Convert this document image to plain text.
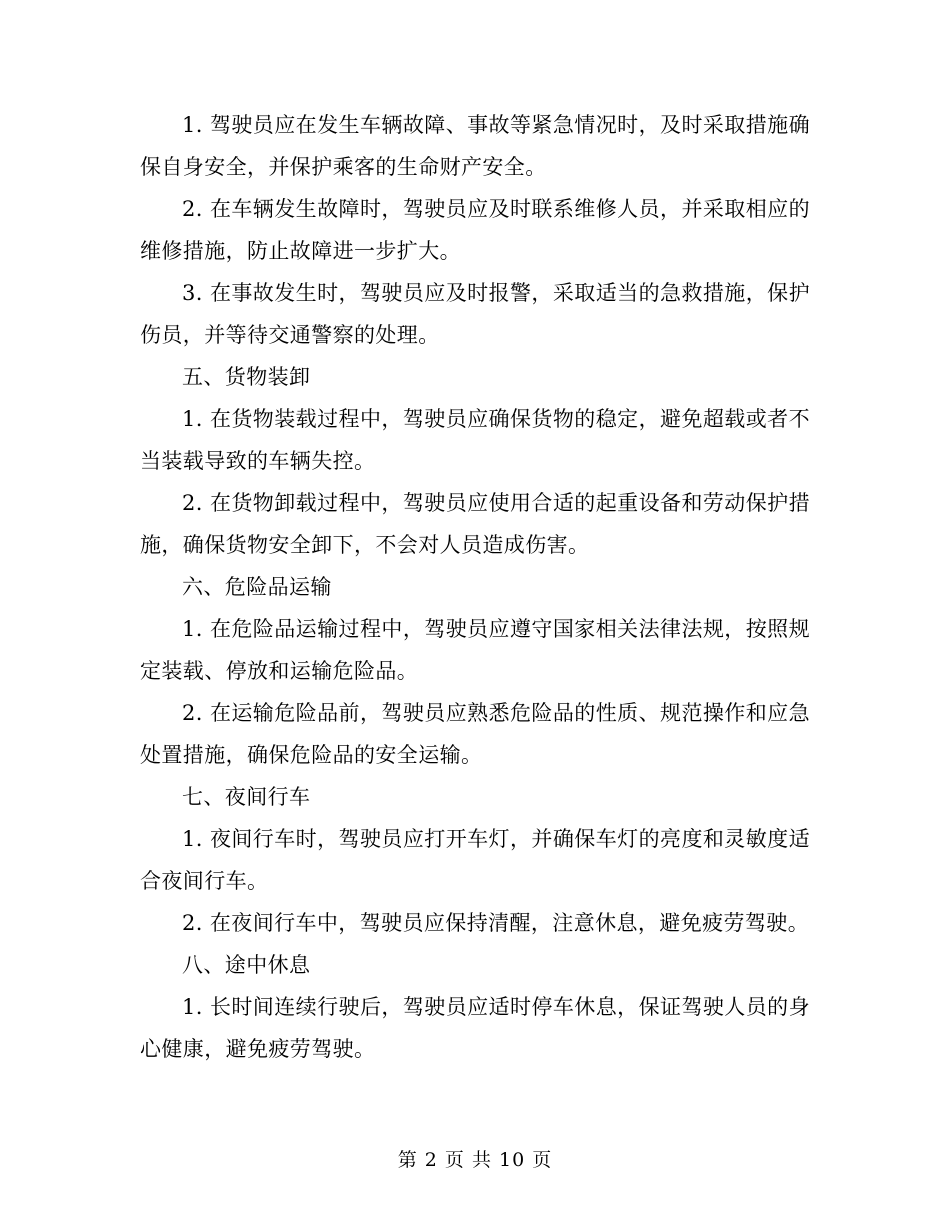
1. 驾驶员应在发生车辆故障、事故等紧急情况时，及时采取措施确保自身安全，并保护乘客的生命财产安全。

2. 在车辆发生故障时，驾驶员应及时联系维修人员，并采取相应的维修措施，防止故障进一步扩大。

3. 在事故发生时，驾驶员应及时报警，采取适当的急救措施，保护伤员，并等待交通警察的处理。

五、货物装卸

1. 在货物装载过程中，驾驶员应确保货物的稳定，避免超载或者不当装载导致的车辆失控。

2. 在货物卸载过程中，驾驶员应使用合适的起重设备和劳动保护措施，确保货物安全卸下，不会对人员造成伤害。

六、危险品运输

1. 在危险品运输过程中，驾驶员应遵守国家相关法律法规，按照规定装载、停放和运输危险品。

2. 在运输危险品前，驾驶员应熟悉危险品的性质、规范操作和应急处置措施，确保危险品的安全运输。

七、夜间行车

1. 夜间行车时，驾驶员应打开车灯，并确保车灯的亮度和灵敏度适合夜间行车。

2. 在夜间行车中，驾驶员应保持清醒，注意休息，避免疲劳驾驶。

八、途中休息

1. 长时间连续行驶后，驾驶员应适时停车休息，保证驾驶人员的身心健康，避免疲劳驾驶。

第 2 页 共 10 页
